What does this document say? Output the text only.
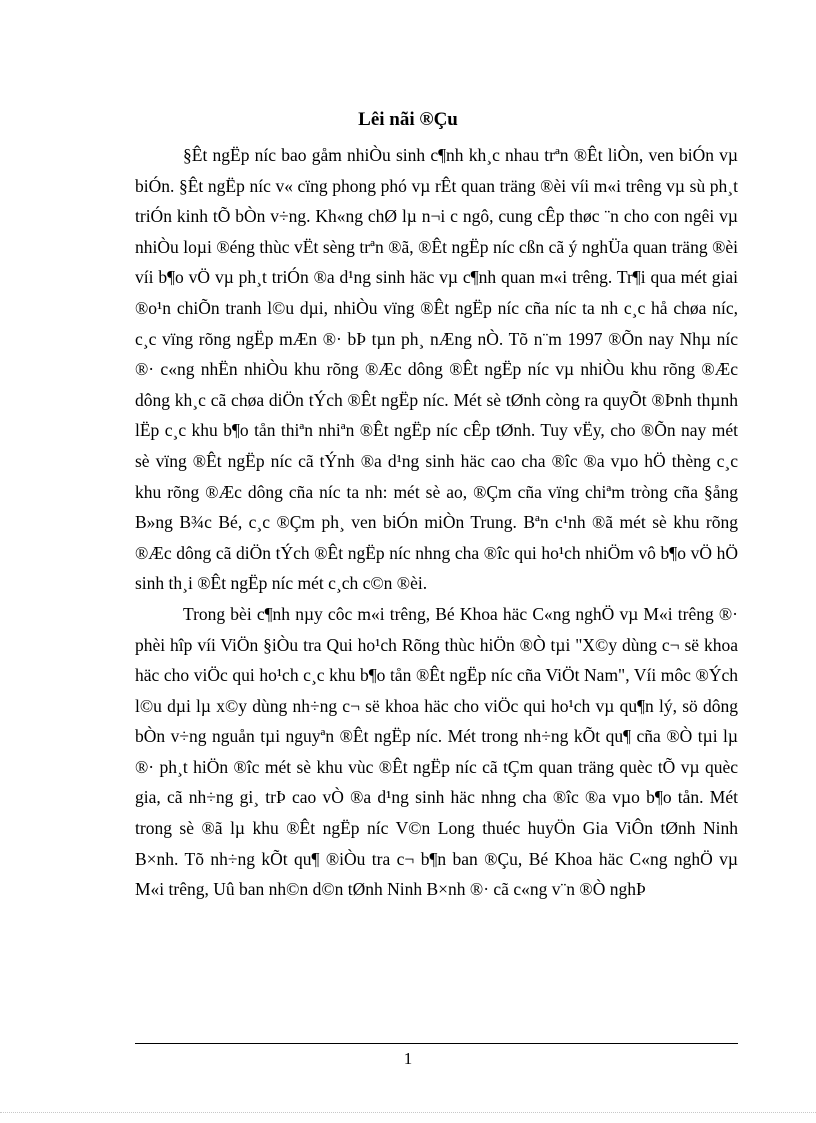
Lêi nãi ®Çu

§Êt ngËp níc bao gåm nhiÒu sinh c¶nh kh¸c nhau trªn ®Êt liÒn, ven biÓn vµ biÓn. §Êt ngËp níc v« cïng phong phó vµ rÊt quan träng ®èi víi m«i trêng vµ sù ph¸t triÓn kinh tÕ bÒn v÷ng. Kh«ng chØ lµ n¬i c ngô, cung cÊp thøc ¨n cho con ngêi vµ nhiÒu loµi ®éng thùc vËt sèng trªn ®ã, ®Êt ngËp níc cßn cã ý nghÜa quan träng ®èi víi b¶o vÖ vµ ph¸t triÓn ®a d¹ng sinh häc vµ c¶nh quan m«i trêng. Tr¶i qua mét giai ®o¹n chiÕn tranh l©u dµi, nhiÒu vïng ®Êt ngËp níc cña níc ta nh c¸c hå chøa níc, c¸c vïng rõng ngËp mÆn ®· bÞ tµn ph¸ nÆng nÒ. Tõ n¨m 1997 ®Õn nay Nhµ níc ®· c«ng nhËn nhiÒu khu rõng ®Æc dông ®Êt ngËp níc vµ nhiÒu khu rõng ®Æc dông kh¸c cã chøa diÖn tÝch ®Êt ngËp níc. Mét sè tØnh còng ra quyÕt ®Þnh thµnh lËp c¸c khu b¶o tån thiªn nhiªn ®Êt ngËp níc cÊp tØnh. Tuy vËy, cho ®Õn nay mét sè vïng ®Êt ngËp níc cã tÝnh ®a d¹ng sinh häc cao cha ®îc ®a vµo hÖ thèng c¸c khu rõng ®Æc dông cña níc ta nh: mét sè ao, ®Çm cña vïng chiªm tròng cña §ång B»ng B¾c Bé, c¸c ®Çm ph¸ ven biÓn miÒn Trung. Bªn c¹nh ®ã mét sè khu rõng ®Æc dông cã diÖn tÝch ®Êt ngËp níc nhng cha ®îc qui ho¹ch nhiÖm vô b¶o vÖ hÖ sinh th¸i ®Êt ngËp níc mét c¸ch c©n ®èi.

Trong bèi c¶nh nµy côc m«i trêng, Bé Khoa häc C«ng nghÖ vµ M«i trêng ®· phèi hîp víi ViÖn §iÒu tra Qui ho¹ch Rõng thùc hiÖn ®Ò tµi "X©y dùng c¬ së khoa häc cho viÖc qui ho¹ch c¸c khu b¶o tån ®Êt ngËp níc cña ViÖt Nam", Víi môc ®Ých l©u dµi lµ x©y dùng nh÷ng c¬ së khoa häc cho viÖc qui ho¹ch vµ qu¶n lý, sö dông bÒn v÷ng nguån tµi nguyªn ®Êt ngËp níc. Mét trong nh÷ng kÕt qu¶ cña ®Ò tµi lµ ®· ph¸t hiÖn ®îc mét sè khu vùc ®Êt ngËp níc cã tÇm quan träng quèc tÕ vµ quèc gia, cã nh÷ng gi¸ trÞ cao vÒ ®a d¹ng sinh häc nhng cha ®îc ®a vµo b¶o tån. Mét trong sè ®ã lµ khu ®Êt ngËp níc V©n Long thuéc huyÖn Gia ViÔn tØnh Ninh B×nh. Tõ nh÷ng kÕt qu¶ ®iÒu tra c¬ b¶n ban ®Çu, Bé Khoa häc C«ng nghÖ vµ M«i trêng, Uû ban nh©n d©n tØnh Ninh B×nh ®· cã c«ng v¨n ®Ò nghÞ

1
